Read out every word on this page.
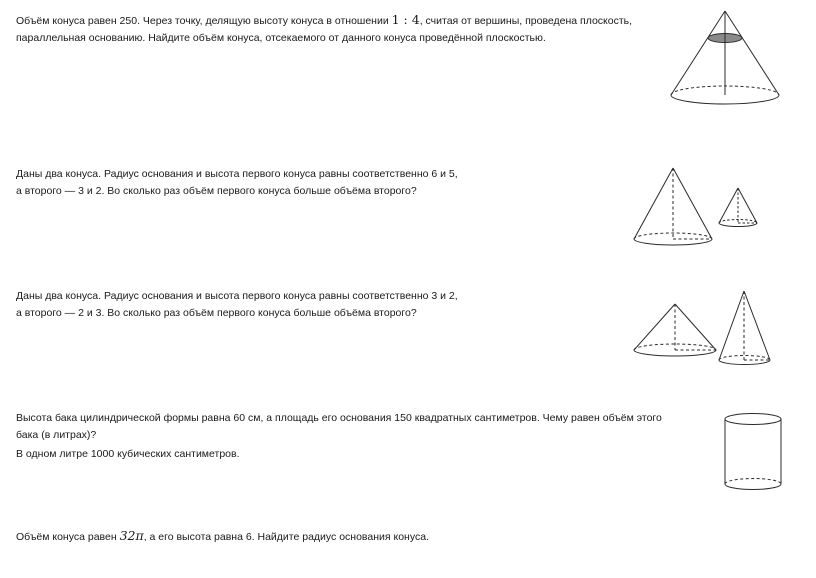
Объём конуса равен 250. Через точку, делящую высоту конуса в отношении 1 : 4, считая от вершины, проведена плоскость,
параллельная основанию. Найдите объём конуса, отсекаемого от данного конуса проведённой плоскостью.
Даны два конуса. Радиус основания и высота первого конуса равны соответственно 6 и 5,
а второго — 3 и 2. Во сколько раз объём первого конуса больше объёма второго?
Даны два конуса. Радиус основания и высота первого конуса равны соответственно 3 и 2,
а второго — 2 и 3. Во сколько раз объём первого конуса больше объёма второго?
Высота бака цилиндрической формы равна 60 см, а площадь его основания 150 квадратных сантиметров. Чему равен объём этого
бака (в литрах)?
В одном литре 1000 кубических сантиметров.
Объём конуса равен 32π, а его высота равна 6. Найдите радиус основания конуса.
